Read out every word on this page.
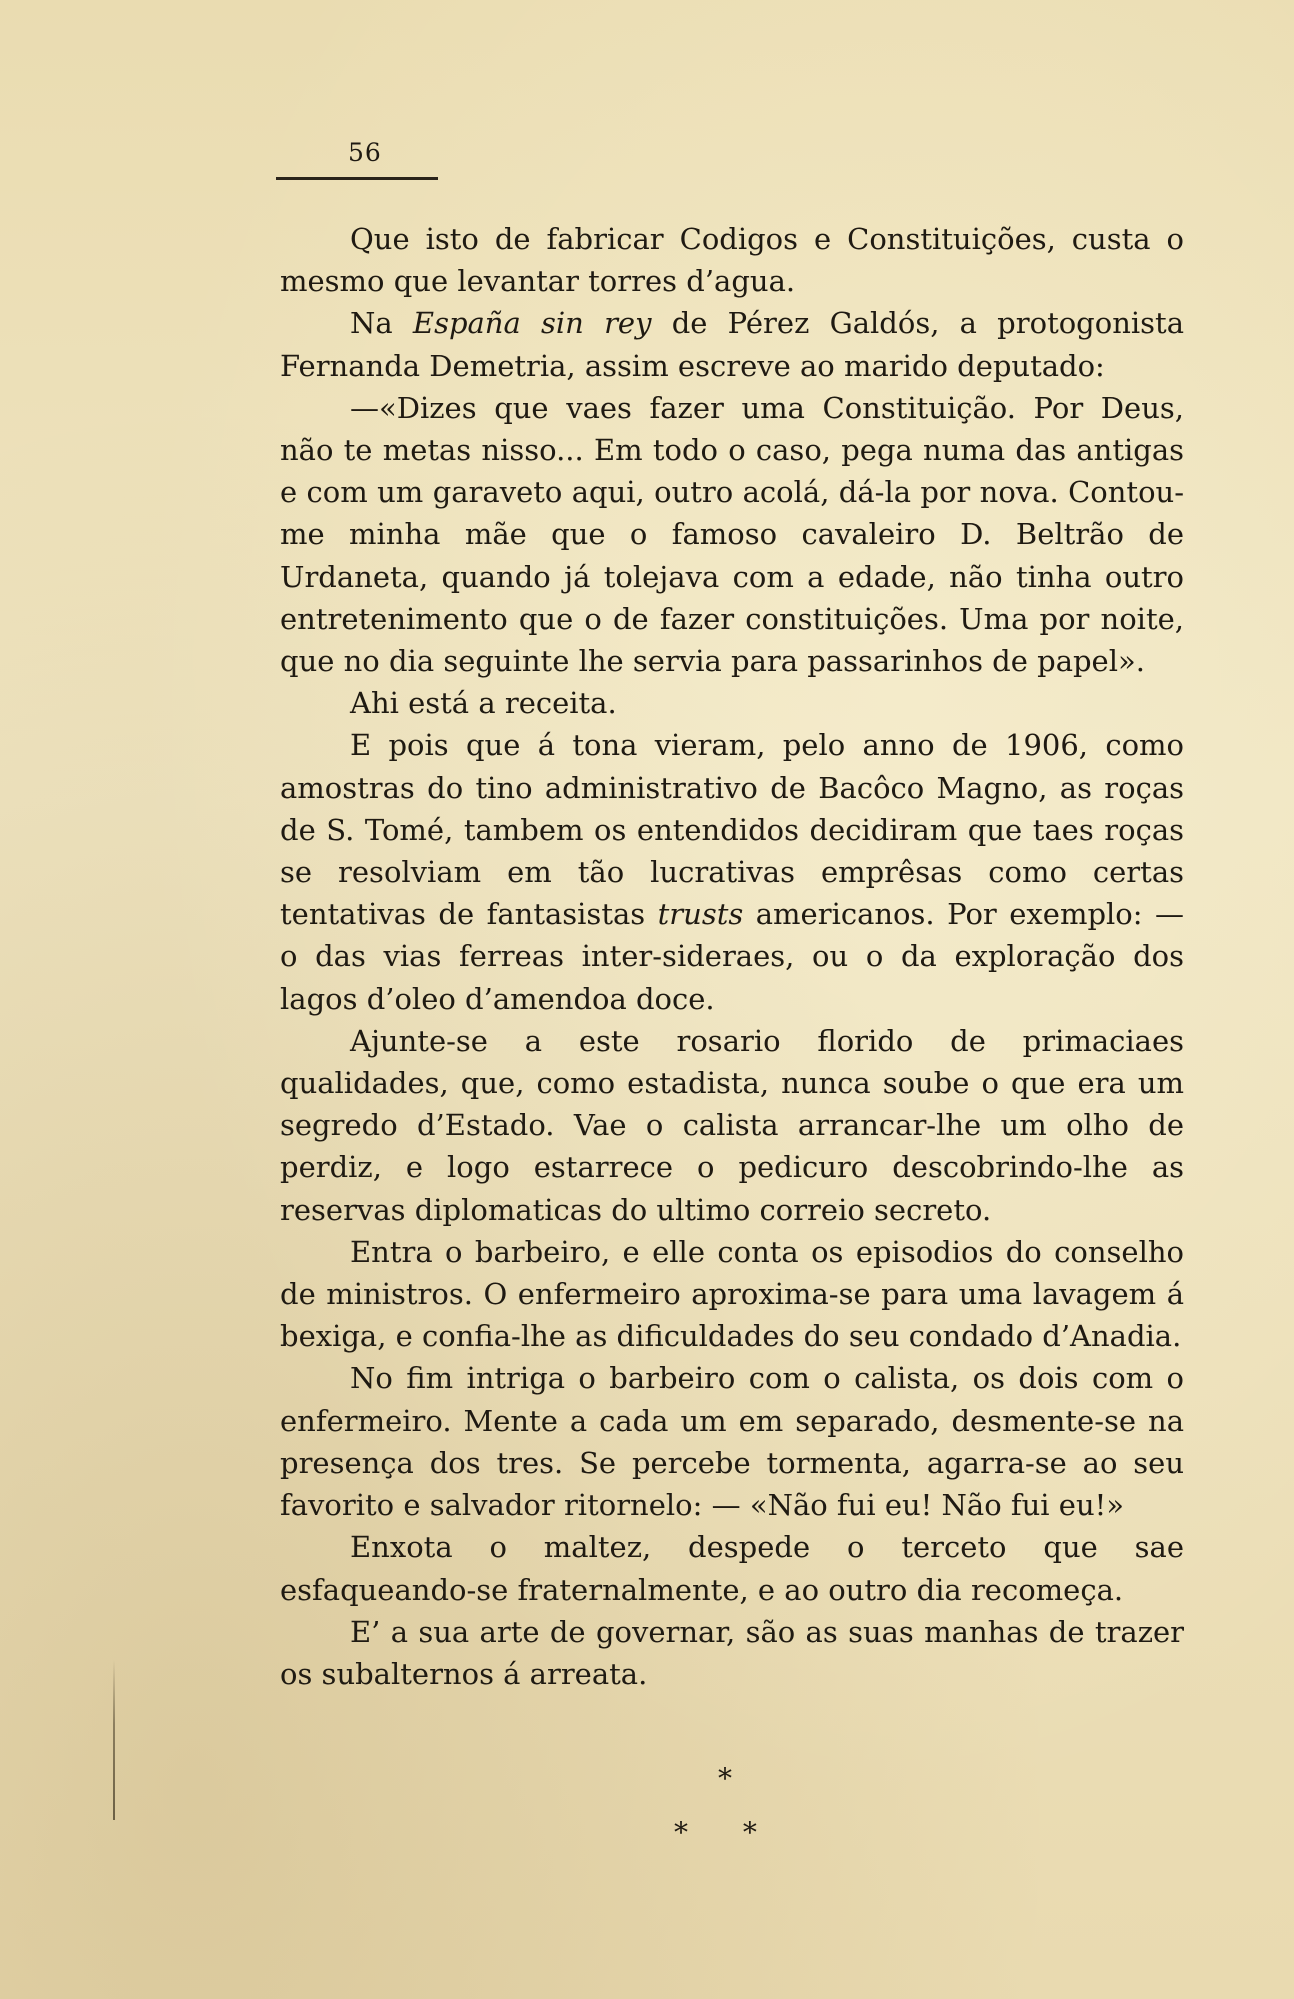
56

Que isto de fabricar Codigos e Constituições, custa o mesmo que levantar torres d’agua.

Na España sin rey de Pérez Galdós, a protogonista Fernanda Demetria, assim escreve ao marido deputado:

—«Dizes que vaes fazer uma Constituição. Por Deus, não te metas nisso... Em todo o caso, pega numa das antigas e com um garaveto aqui, outro acolá, dá-la por nova. Contou-me minha mãe que o famoso cavaleiro D. Beltrão de Urdaneta, quando já tolejava com a edade, não tinha outro entretenimento que o de fazer constituições. Uma por noite, que no dia seguinte lhe servia para passarinhos de papel».

Ahi está a receita.

E pois que á tona vieram, pelo anno de 1906, como amostras do tino administrativo de Bacôco Magno, as roças de S. Tomé, tambem os entendidos decidiram que taes roças se resolviam em tão lucrativas emprêsas como certas tentativas de fantasistas trusts americanos. Por exemplo: — o das vias ferreas inter-sideraes, ou o da exploração dos lagos d’oleo d’amendoa doce.

Ajunte-se a este rosario florido de primaciaes qualidades, que, como estadista, nunca soube o que era um segredo d’Estado. Vae o calista arrancar-lhe um olho de perdiz, e logo estarrece o pedicuro descobrindo-lhe as reservas diplomaticas do ultimo correio secreto.

Entra o barbeiro, e elle conta os episodios do conselho de ministros. O enfermeiro aproxima-se para uma lavagem á bexiga, e confia-lhe as dificuldades do seu condado d’Anadia.

No fim intriga o barbeiro com o calista, os dois com o enfermeiro. Mente a cada um em separado, desmente-se na presença dos tres. Se percebe tormenta, agarra-se ao seu favorito e salvador ritornelo: — «Não fui eu! Não fui eu!»

Enxota o maltez, despede o terceto que sae esfaqueando-se fraternalmente, e ao outro dia recomeça.

E’ a sua arte de governar, são as suas manhas de trazer os subalternos á arreata.

*
* *
